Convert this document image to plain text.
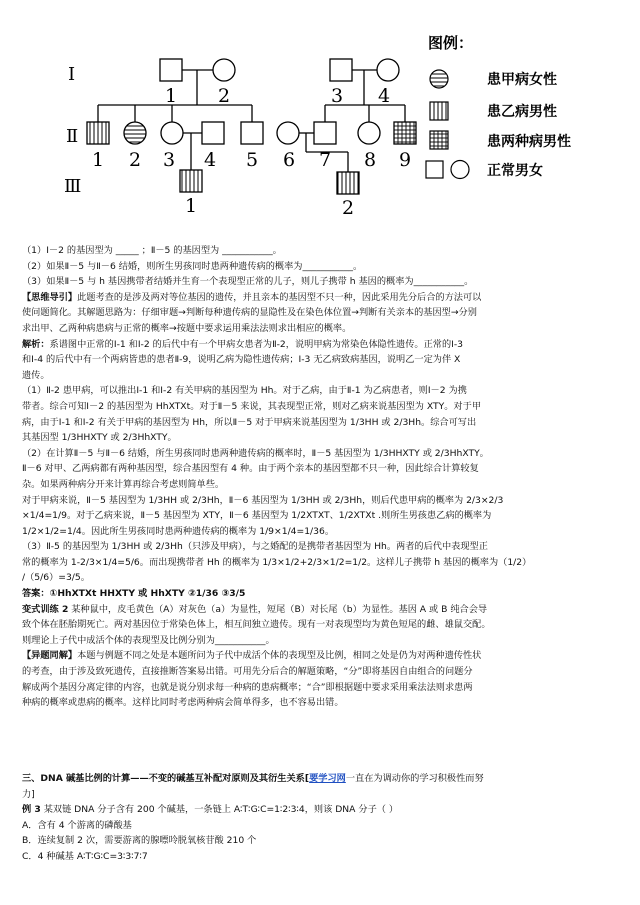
Ⅰ
Ⅱ
Ⅲ
1 2	3 4
1 2 3 4 5 6 7 8 9
1	2
图例：
患甲病女性
患乙病男性
患两种病男性
正常男女

（1）Ⅰ－2 的基因型为 _____ ；Ⅱ－5 的基因型为 ___________。

（2）如果Ⅱ－5 与Ⅱ－6 结婚，则所生男孩同时患两种遗传病的概率为___________。

（3）如果Ⅱ－5 与 h 基因携带者结婚并生育一个表现型正常的儿子，则儿子携带 h 基因的概率为___________。

【思维导引】此题考查的是涉及两对等位基因的遗传，并且亲本的基因型不只一种，因此采用先分后合的方法可以

使问题简化。其解题思路为：仔细审题→判断每种遗传病的显隐性及在染色体位置→判断有关亲本的基因型→分别

求出甲、乙两种病患病与正常的概率→按题中要求运用乘法法则求出相应的概率。

解析：系谱图中正常的Ⅰ-1 和Ⅰ-2 的后代中有一个甲病女患者为Ⅱ-2，说明甲病为常染色体隐性遗传。正常的Ⅰ-3

和Ⅰ-4 的后代中有一个两病皆患的患者Ⅱ-9，说明乙病为隐性遗传病；Ⅰ-3 无乙病致病基因，说明乙一定为伴 X

遗传。

（1）Ⅱ-2 患甲病，可以推出Ⅰ-1 和Ⅰ-2 有关甲病的基因型为 Hh。对于乙病，由于Ⅱ-1 为乙病患者，则Ⅰ－2 为携

带者。综合可知Ⅰ－2 的基因型为 HhXTXt。对于Ⅱ－5 来说，其表现型正常，则对乙病来说基因型为 XTY。对于甲

病，由于Ⅰ-1 和Ⅰ-2 有关于甲病的基因型为 Hh，所以Ⅱ－5 对于甲病来说基因型为 1/3HH 或 2/3Hh。综合可写出

其基因型 1/3HHXTY 或 2/3HhXTY。

（2）在计算Ⅱ－5 与Ⅱ－6 结婚，所生男孩同时患两种遗传病的概率时，Ⅱ－5 基因型为 1/3HHXTY 或 2/3HhXTY。

Ⅱ－6 对甲、乙两病都有两种基因型，综合基因型有 4 种。由于两个亲本的基因型都不只一种，因此综合计算较复

杂。如果两种病分开来计算再综合考虑则简单些。

对于甲病来说，Ⅱ－5 基因型为 1/3HH 或 2/3Hh，Ⅱ－6 基因型为 1/3HH 或 2/3Hh，则后代患甲病的概率为 2/3×2/3

×1/4=1/9。对于乙病来说，Ⅱ－5 基因型为 XTY，Ⅱ－6 基因型为 1/2XTXT、1/2XTXt .则所生男孩患乙病的概率为

1/2×1/2=1/4。因此所生男孩同时患两种遗传病的概率为 1/9×1/4=1/36。

（3）Ⅱ-5 的基因型为 1/3HH 或 2/3Hh（只涉及甲病），与之婚配的是携带者基因型为 Hh。两者的后代中表现型正

常的概率为 1-2/3×1/4=5/6。而出现携带者 Hh 的概率为 1/3×1/2+2/3×1/2=1/2。这样儿子携带 h 基因的概率为（1/2）

/（5/6）=3/5。

答案：①HhXTXt HHXTY 或 HhXTY ②1/36 ③3/5

变式训练 2 某种鼠中，皮毛黄色（A）对灰色（a）为显性，短尾（B）对长尾（b）为显性。基因 A 或 B 纯合会导

致个体在胚胎期死亡。两对基因位于常染色体上，相互间独立遗传。现有一对表现型均为黄色短尾的雌、雄鼠交配。

则理论上子代中成活个体的表现型及比例分别为___________。

【异题同解】本题与例题不同之处是本题所问为子代中成活个体的表现型及比例，相同之处是仍为对两种遗传性状

的考查，由于涉及致死遗传，直接推断答案易出错。可用先分后合的解题策略，“分”即将基因自由组合的问题分

解成两个基因分离定律的内容，也就是说分别求每一种病的患病概率；“合”即根据题中要求采用乘法法则求患两

种病的概率或患病的概率。这样比同时考虑两种病会简单得多，也不容易出错。

三、DNA 碱基比例的计算——不变的碱基互补配对原则及其衍生关系[要学习网一直在为调动你的学习积极性而努

力]

例 3 某双链 DNA 分子含有 200 个碱基，一条链上 A∶T∶G∶C=1∶2∶3∶4，则该 DNA 分子（ ）

A．含有 4 个游离的磷酸基

B．连续复制 2 次，需要游离的腺嘌呤脱氧核苷酸 210 个

C．4 种碱基 A∶T∶G∶C=3∶3∶7∶7
